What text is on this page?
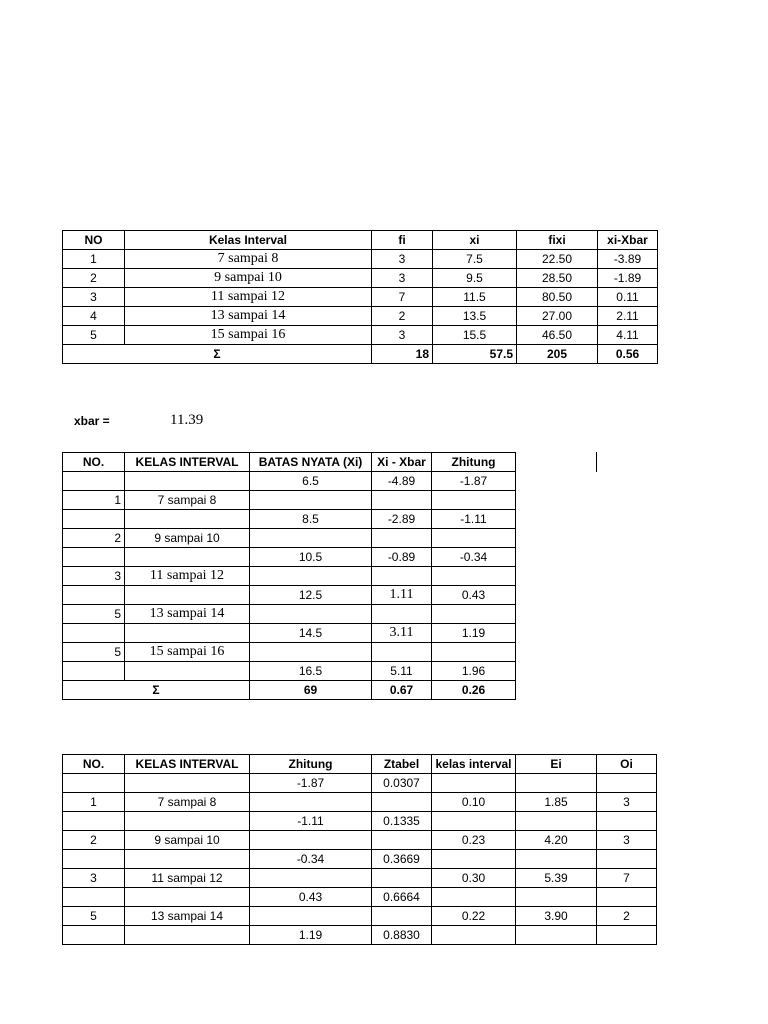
NO	Kelas Interval	fi	xi	fixi	xi-Xbar
1	7 sampai 8	3	7.5	22.50	-3.89
2	9 sampai 10	3	9.5	28.50	-1.89
3	11 sampai 12	7	11.5	80.50	0.11
4	13 sampai 14	2	13.5	27.00	2.11
5	15 sampai 16	3	15.5	46.50	4.11
Σ		18	57.5	205	0.56
xbar =	11.39
NO.	KELAS INTERVAL	BATAS NYATA (Xi)	Xi - Xbar	Zhitung
		6.5	-4.89	-1.87
1	7 sampai 8			
		8.5	-2.89	-1.11
2	9 sampai 10			
		10.5	-0.89	-0.34
3	11 sampai 12			
		12.5	1.11	0.43
5	13 sampai 14			
		14.5	3.11	1.19
5	15 sampai 16			
		16.5	5.11	1.96
Σ		69	0.67	0.26
NO.	KELAS INTERVAL	Zhitung	Ztabel	kelas interval	Ei	Oi
		-1.87	0.0307			
1	7 sampai 8			0.10	1.85	3
		-1.11	0.1335			
2	9 sampai 10			0.23	4.20	3
		-0.34	0.3669			
3	11 sampai 12			0.30	5.39	7
		0.43	0.6664			
5	13 sampai 14			0.22	3.90	2
		1.19	0.8830			
